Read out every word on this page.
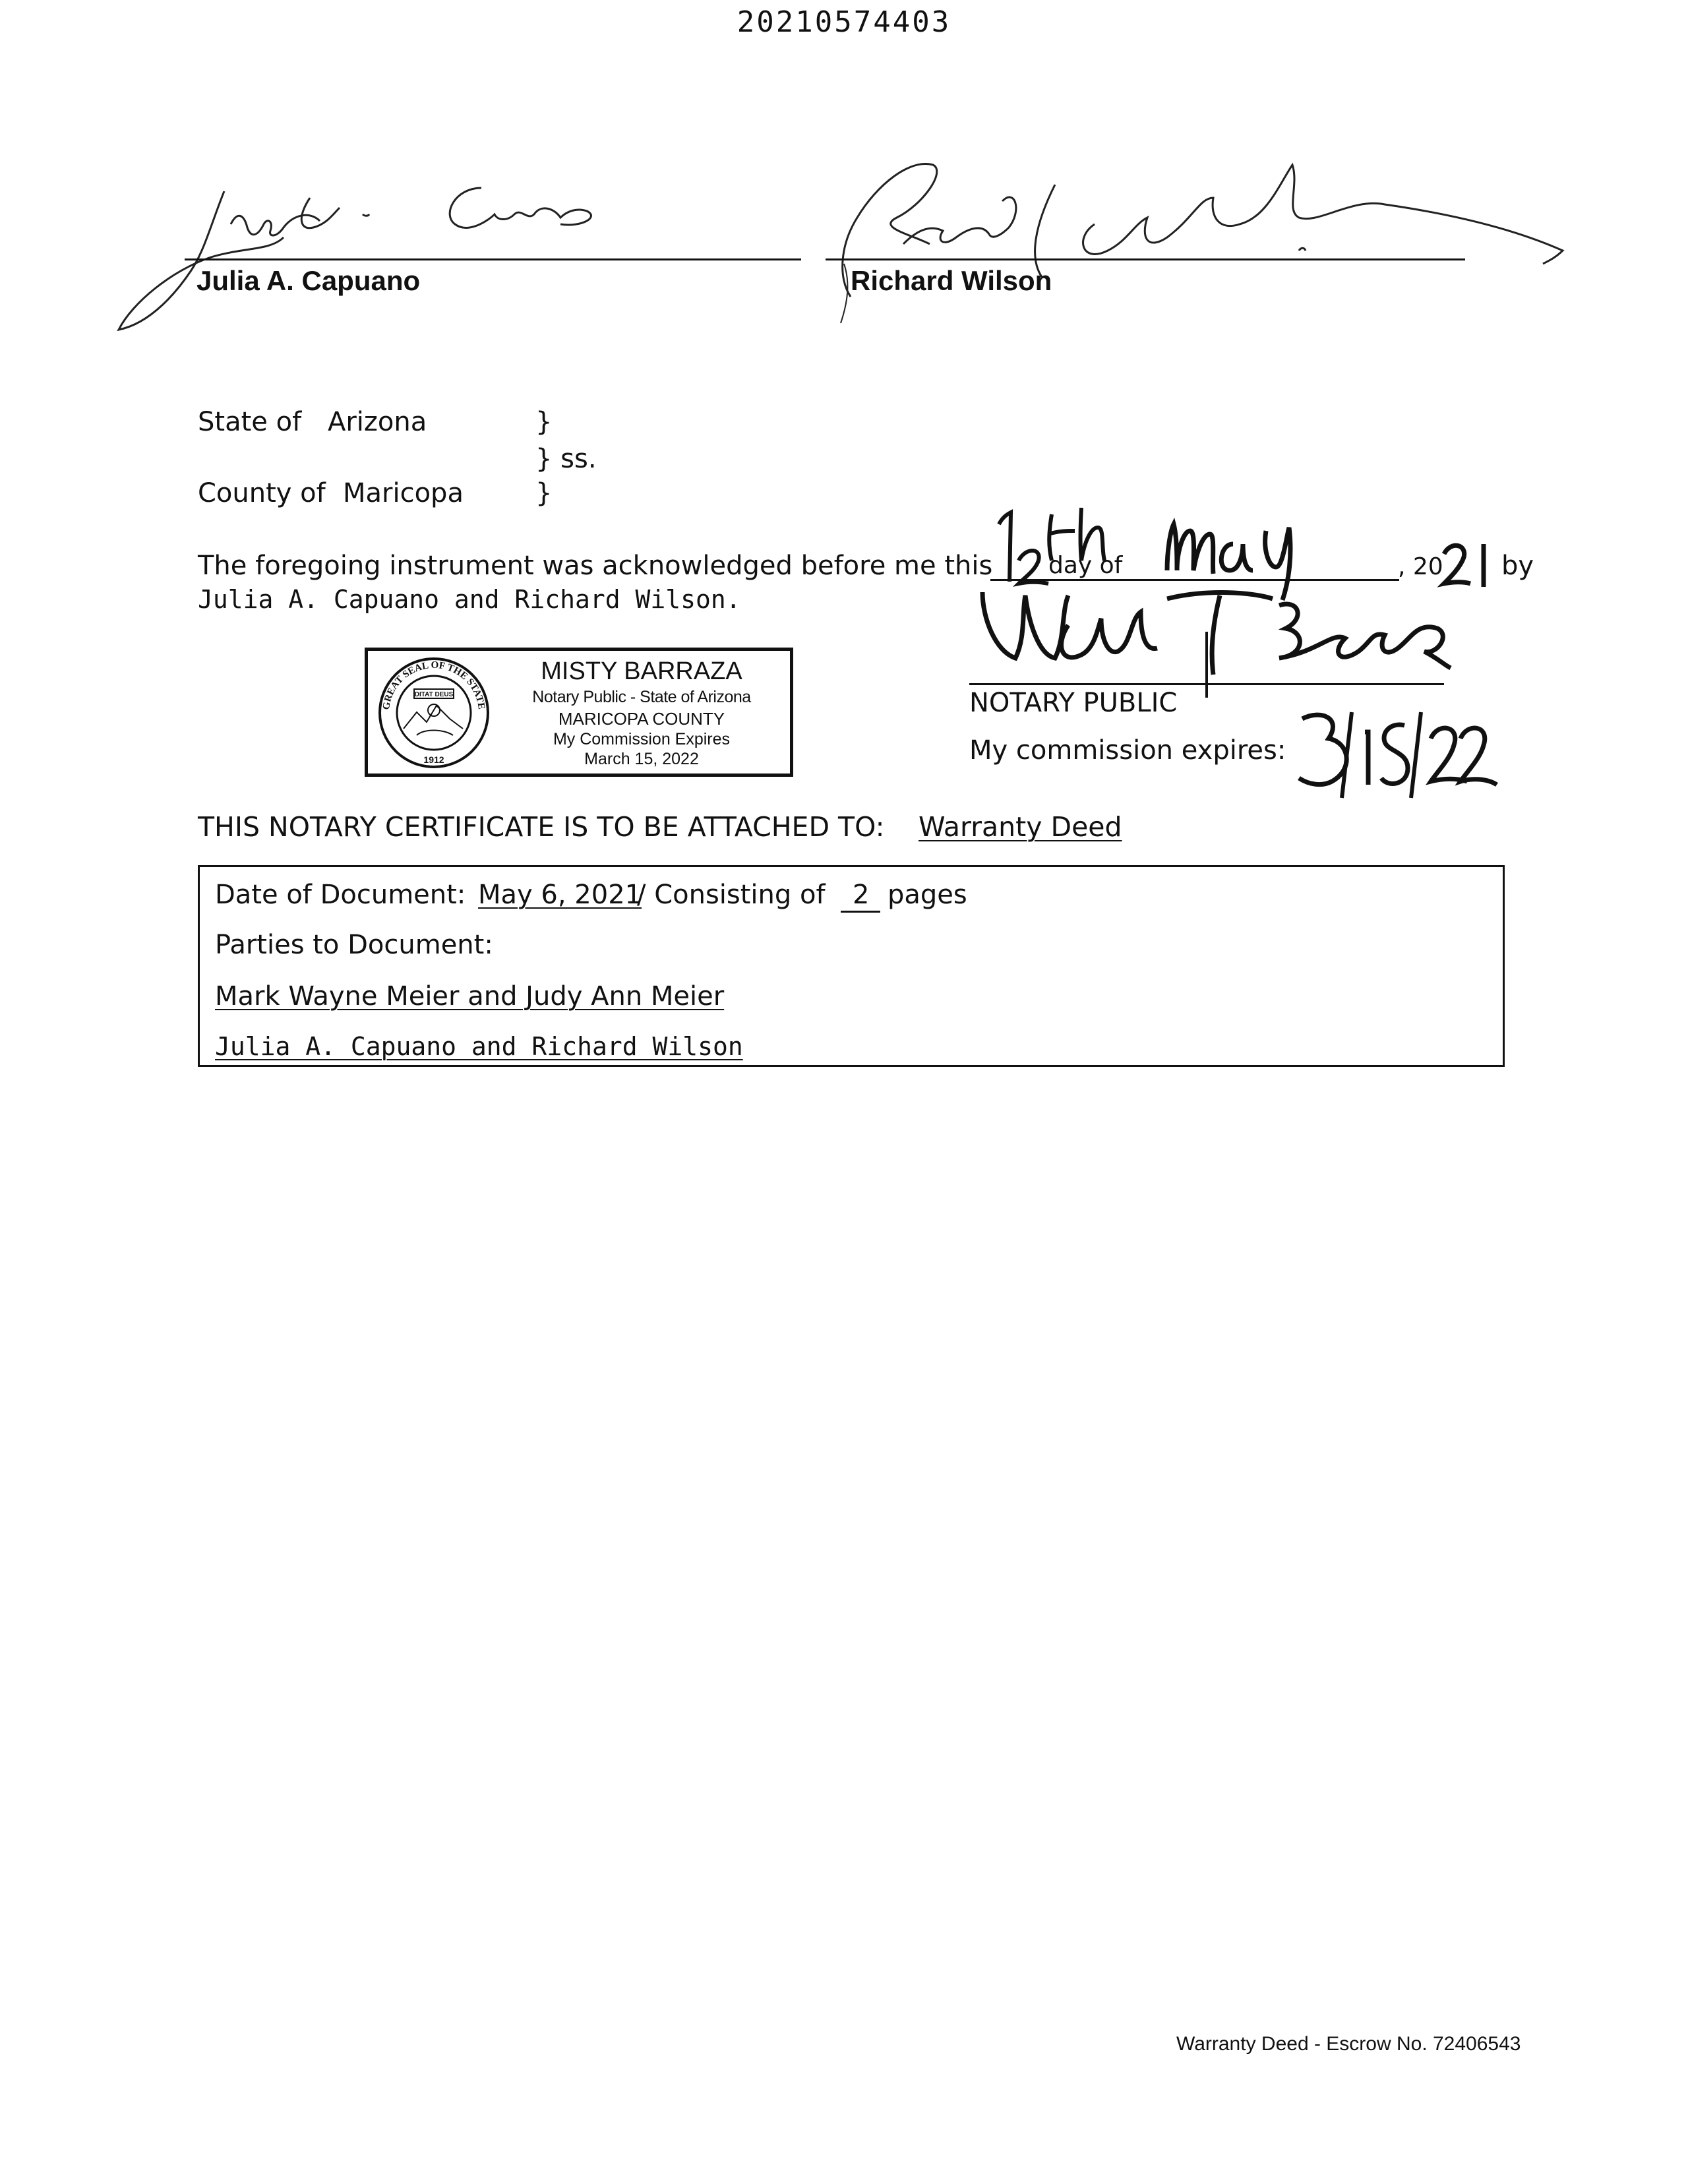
20210574403
Julia A. Capuano	Richard Wilson
State of Arizona	}
} ss.
County of Maricopa	}
The foregoing instrument was acknowledged before me this day of	, 20 by
Julia A. Capuano and Richard Wilson.
GREAT SEAL OF THE STATE OF ARIZONA
DITAT DEUS
1912
MISTY BARRAZA
Notary Public - State of Arizona
MARICOPA COUNTY
My Commission Expires
March 15, 2022
NOTARY PUBLIC
My commission expires:
THIS NOTARY CERTIFICATE IS TO BE ATTACHED TO: Warranty Deed
Date of Document: May 6, 2021
/ Consisting of 2 pages
Parties to Document:
Mark Wayne Meier and Judy Ann Meier
Julia A. Capuano and Richard Wilson
Warranty Deed - Escrow No. 72406543
